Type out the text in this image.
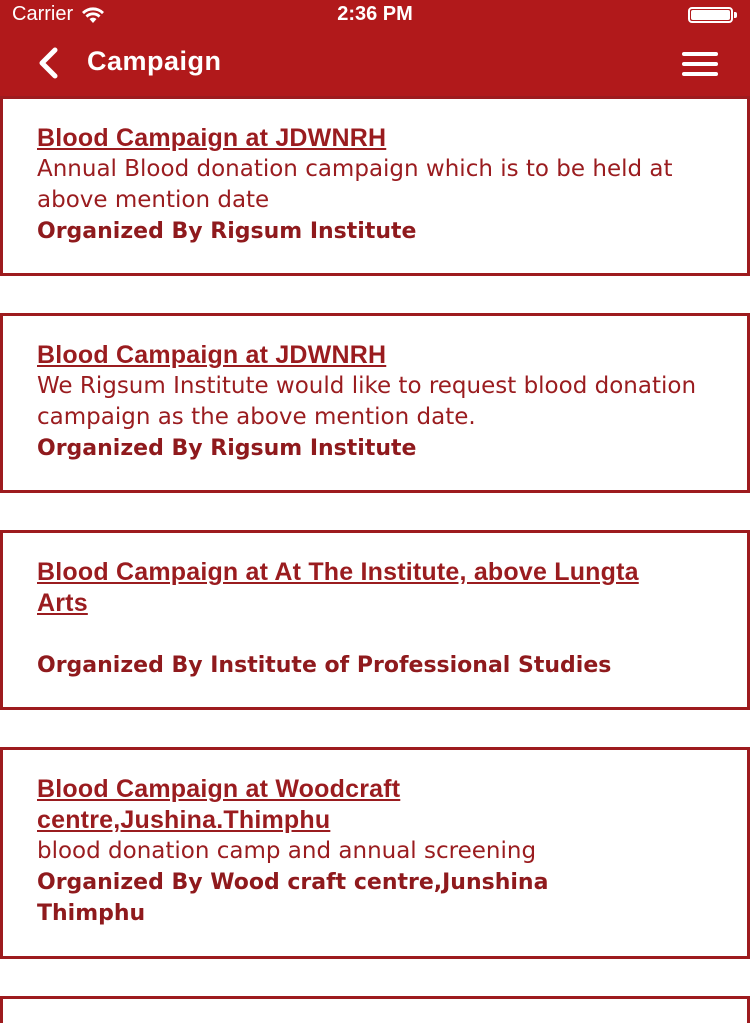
Carrier	2:36 PM
Campaign
Blood Campaign at JDWNRH
Annual Blood donation campaign which is to be held at above mention date
Organized By Rigsum Institute
Blood Campaign at JDWNRH
We Rigsum Institute would like to request blood donation campaign as the above mention date.
Organized By Rigsum Institute
Blood Campaign at At The Institute, above Lungta Arts
Organized By Institute of Professional Studies
Blood Campaign at Woodcraft centre,Jushina.Thimphu
blood donation camp and annual screening
Organized By Wood craft centre,Junshina Thimphu
